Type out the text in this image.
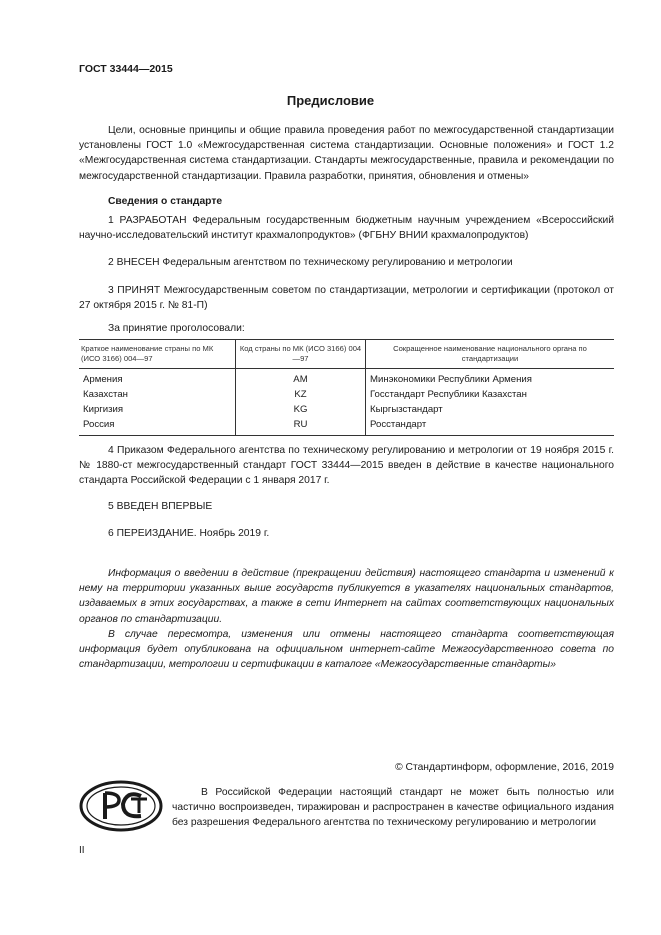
ГОСТ 33444—2015
Предисловие

Цели, основные принципы и общие правила проведения работ по межгосударственной стандартизации установлены ГОСТ 1.0 «Межгосударственная система стандартизации. Основные положения» и ГОСТ 1.2 «Межгосударственная система стандартизации. Стандарты межгосударственные, правила и рекомендации по межгосударственной стандартизации. Правила разработки, принятия, обновления и отмены»

Сведения о стандарте

1 РАЗРАБОТАН Федеральным государственным бюджетным научным учреждением «Всероссийский научно-исследовательский институт крахмалопродуктов» (ФГБНУ ВНИИ крахмалопродуктов)

2 ВНЕСЕН Федеральным агентством по техническому регулированию и метрологии

3 ПРИНЯТ Межгосударственным советом по стандартизации, метрологии и сертификации (протокол от 27 октября 2015 г. № 81-П)

За принятие проголосовали:

Краткое наименование страны по МК (ИСО 3166) 004—97	Код страны по МК (ИСО 3166) 004—97	Сокращенное наименование национального органа по стандартизации

Армения	AM	Минэкономики Республики Армения
Казахстан	KZ	Госстандарт Республики Казахстан
Киргизия	KG	Кыргызстандарт
Россия	RU	Росстандарт

4 Приказом Федерального агентства по техническому регулированию и метрологии от 19 ноября 2015 г. № 1880-ст межгосударственный стандарт ГОСТ 33444—2015 введен в действие в качестве национального стандарта Российской Федерации с 1 января 2017 г.

5 ВВЕДЕН ВПЕРВЫЕ

6 ПЕРЕИЗДАНИЕ. Ноябрь 2019 г.

Информация о введении в действие (прекращении действия) настоящего стандарта и изменений к нему на территории указанных выше государств публикуется в указателях национальных стандартов, издаваемых в этих государствах, а также в сети Интернет на сайтах соответствующих национальных органов по стандартизации.

В случае пересмотра, изменения или отмены настоящего стандарта соответствующая информация будет опубликована на официальном интернет-сайте Межгосударственного совета по стандартизации, метрологии и сертификации в каталоге «Межгосударственные стандарты»

© Стандартинформ, оформление, 2016, 2019

В Российской Федерации настоящий стандарт не может быть полностью или частично воспроизведен, тиражирован и распространен в качестве официального издания без разрешения Федерального агентства по техническому регулированию и метрологии

II
